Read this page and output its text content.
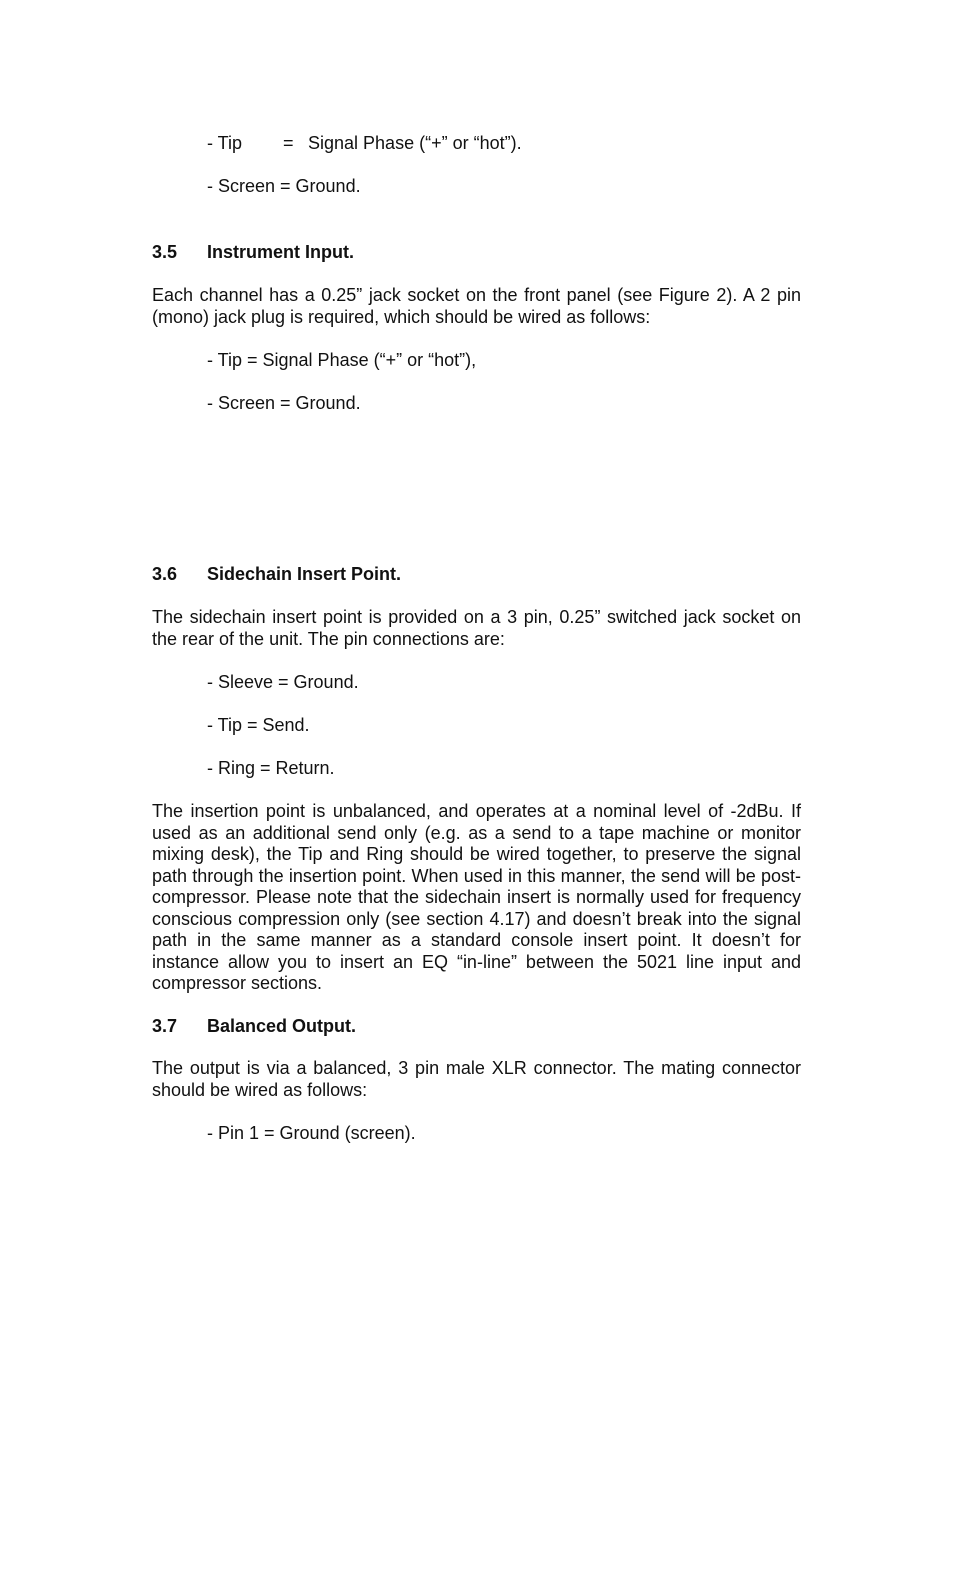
- Tip = Signal Phase (“+” or “hot”).
- Screen = Ground.
3.5 Instrument Input.

Each channel has a 0.25” jack socket on the front panel (see Figure 2). A 2 pin (mono) jack plug is required, which should be wired as follows:

- Tip = Signal Phase (“+” or “hot”),
- Screen = Ground.
3.6 Sidechain Insert Point.

The sidechain insert point is provided on a 3 pin, 0.25” switched jack socket on the rear of the unit. The pin connections are:

- Sleeve = Ground.
- Tip = Send.
- Ring = Return.

The insertion point is unbalanced, and operates at a nominal level of -2dBu. If used as an additional send only (e.g. as a send to a tape machine or monitor mixing desk), the Tip and Ring should be wired together, to preserve the signal path through the insertion point. When used in this manner, the send will be post-compressor. Please note that the sidechain insert is normally used for frequency conscious compression only (see section 4.17) and doesn’t break into the signal path in the same manner as a standard console insert point. It doesn’t for instance allow you to insert an EQ “in-line” between the 5021 line input and compressor sections.

3.7 Balanced Output.

The output is via a balanced, 3 pin male XLR connector. The mating connector should be wired as follows:

- Pin 1 = Ground (screen).
